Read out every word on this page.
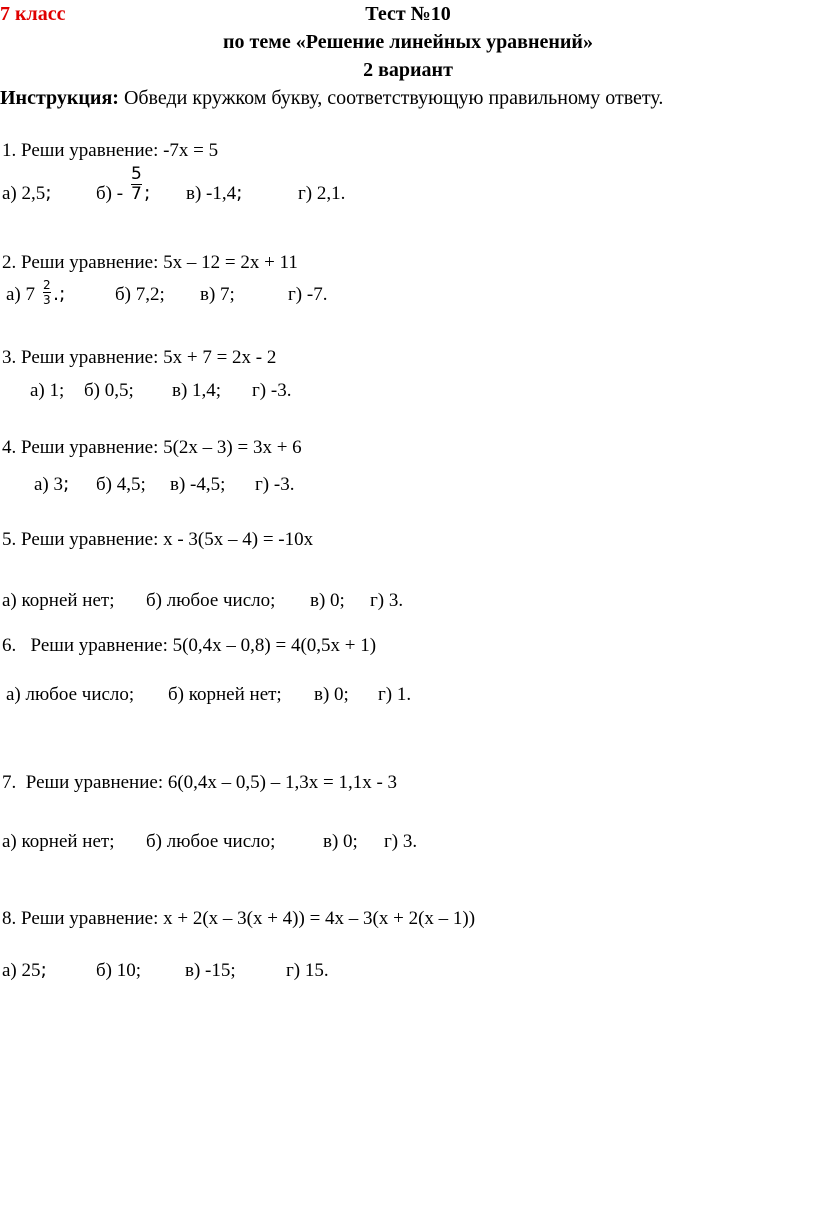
7 класс	Тест №10
по теме «Решение линейных уравнений»
2 вариант
Инструкция: Обведи кружком букву, соответствующую правильному ответу.
1. Реши уравнение: -7х = 5
а) 2,5; б) -
5
7 ; в) -1,4;	г) 2,1.
2. Реши уравнение: 5х – 12 = 2х + 11
а) 7 2
3 .;	б) 7,2; в) 7;	г) -7.
3. Реши уравнение: 5х + 7 = 2х - 2
а) 1; б) 0,5; в) 1,4; г) -3.
4. Реши уравнение: 5(2х – 3) = 3х + 6
а) 3; б) 4,5; в) -4,5; г) -3.
5. Реши уравнение: х - 3(5х – 4) = -10х
а) корней нет; б) любое число; в) 0; г) 3.
6.   Реши уравнение: 5(0,4х – 0,8) = 4(0,5х + 1)
а) любое число; б) корней нет; в) 0; г) 1.
7.  Реши уравнение: 6(0,4х – 0,5) – 1,3х = 1,1х - 3
а) корней нет; б) любое число;	в) 0; г) 3.
8. Реши уравнение: х + 2(х – 3(х + 4)) = 4х – 3(х + 2(х – 1))
а) 25;	б) 10; в) -15;	г) 15.
